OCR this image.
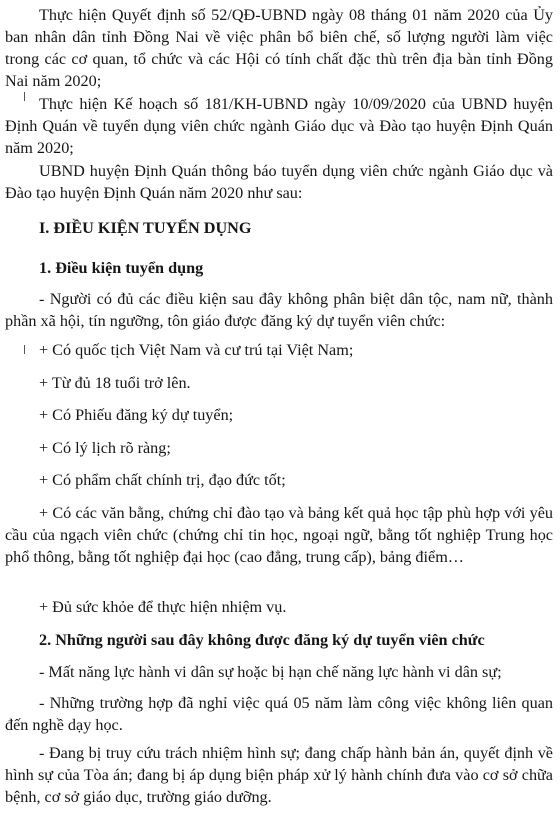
Thực hiện Quyết định số 52/QĐ-UBND ngày 08 tháng 01 năm 2020 của Ủy ban nhân dân tỉnh Đồng Nai về việc phân bổ biên chế, số lượng người làm việc trong các cơ quan, tổ chức và các Hội có tính chất đặc thù trên địa bàn tỉnh Đồng Nai năm 2020;

Thực hiện Kế hoạch số 181/KH-UBND ngày 10/09/2020 của UBND huyện Định Quán về tuyển dụng viên chức ngành Giáo dục và Đào tạo huyện Định Quán năm 2020;

UBND huyện Định Quán thông báo tuyển dụng viên chức ngành Giáo dục và Đào tạo huyện Định Quán năm 2020 như sau:

I. ĐIỀU KIỆN TUYỂN DỤNG

1. Điều kiện tuyển dụng

- Người có đủ các điều kiện sau đây không phân biệt dân tộc, nam nữ, thành phần xã hội, tín ngưỡng, tôn giáo được đăng ký dự tuyển viên chức:

+ Có quốc tịch Việt Nam và cư trú tại Việt Nam;

+ Từ đủ 18 tuổi trở lên.

+ Có Phiếu đăng ký dự tuyển;

+ Có lý lịch rõ ràng;

+ Có phẩm chất chính trị, đạo đức tốt;

+ Có các văn bằng, chứng chỉ đào tạo và bảng kết quả học tập phù hợp với yêu cầu của ngạch viên chức (chứng chỉ tin học, ngoại ngữ, bằng tốt nghiệp Trung học phổ thông, bằng tốt nghiệp đại học (cao đẳng, trung cấp), bảng điểm…

+ Đủ sức khỏe để thực hiện nhiệm vụ.

2. Những người sau đây không được đăng ký dự tuyển viên chức

- Mất năng lực hành vi dân sự hoặc bị hạn chế năng lực hành vi dân sự;

- Những trường hợp đã nghỉ việc quá 05 năm làm công việc không liên quan đến nghề dạy học.

- Đang bị truy cứu trách nhiệm hình sự; đang chấp hành bản án, quyết định về hình sự của Tòa án; đang bị áp dụng biện pháp xử lý hành chính đưa vào cơ sở chữa bệnh, cơ sở giáo dục, trường giáo dưỡng.
